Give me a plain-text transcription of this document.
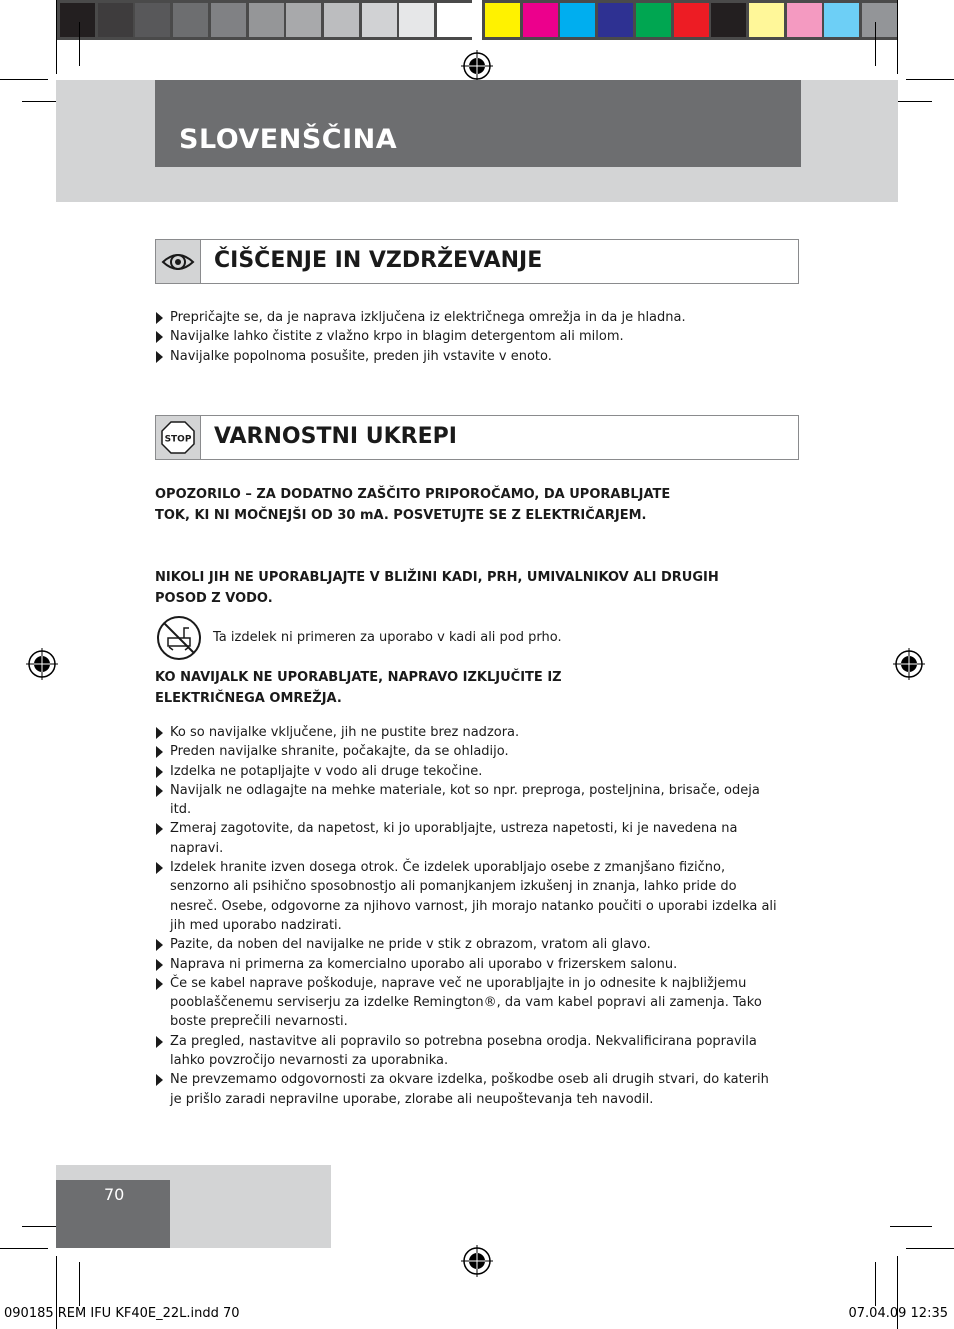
SLOVENŠČINA
ČIŠČENJE IN VZDRŽEVANJE
Prepričajte se, da je naprava izključena iz električnega omrežja in da je hladna.
Navijalke lahko čistite z vlažno krpo in blagim detergentom ali milom.
Navijalke popolnoma posušite, preden jih vstavite v enoto.
STOP VARNOSTNI UKREPI
OPOZORILO – ZA DODATNO ZAŠČITO PRIPOROČAMO, DA UPORABLJATE TOK, KI NI MOČNEJŠI OD 30 mA. POSVETUJTE SE Z ELEKTRIČARJEM.
NIKOLI JIH NE UPORABLJAJTE V BLIŽINI KADI, PRH, UMIVALNIKOV ALI DRUGIH POSOD Z VODO.
Ta izdelek ni primeren za uporabo v kadi ali pod prho.
KO NAVIJALK NE UPORABLJATE, NAPRAVO IZKLJUČITE IZ ELEKTRIČNEGA OMREŽJA.
Ko so navijalke vključene, jih ne pustite brez nadzora.
Preden navijalke shranite, počakajte, da se ohladijo.
Izdelka ne potapljajte v vodo ali druge tekočine.
Navijalk ne odlagajte na mehke materiale, kot so npr. preproga, posteljnina, brisače, odeja itd.
Zmeraj zagotovite, da napetost, ki jo uporabljajte, ustreza napetosti, ki je navedena na napravi.
Izdelek hranite izven dosega otrok. Če izdelek uporabljajo osebe z zmanjšano fizično, senzorno ali psihično sposobnostjo ali pomanjkanjem izkušenj in znanja, lahko pride do nesreč. Osebe, odgovorne za njihovo varnost, jih morajo natanko poučiti o uporabi izdelka ali jih med uporabo nadzirati.
Pazite, da noben del navijalke ne pride v stik z obrazom, vratom ali glavo.
Naprava ni primerna za komercialno uporabo ali uporabo v frizerskem salonu.
Če se kabel naprave poškoduje, naprave več ne uporabljajte in jo odnesite k najbližjemu pooblaščenemu serviserju za izdelke Remington®, da vam kabel popravi ali zamenja. Tako boste preprečili nevarnosti.
Za pregled, nastavitve ali popravilo so potrebna posebna orodja. Nekvalificirana popravila lahko povzročijo nevarnosti za uporabnika.
Ne prevzemamo odgovornosti za okvare izdelka, poškodbe oseb ali drugih stvari, do katerih je prišlo zaradi nepravilne uporabe, zlorabe ali neupoštevanja teh navodil.
70
090185 REM IFU KF40E_22L.indd 70	07.04.09 12:35
